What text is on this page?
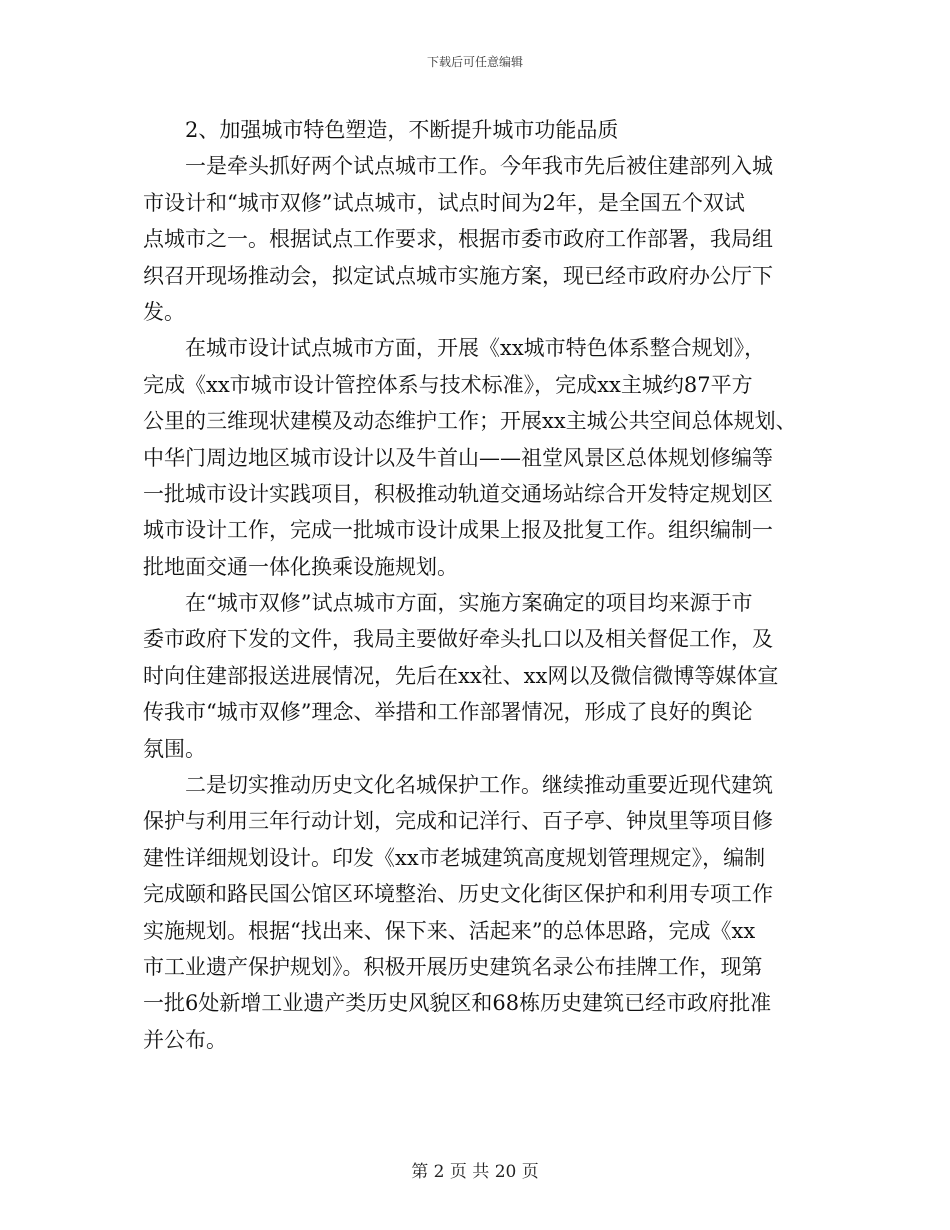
下载后可任意编辑
2、加强城市特色塑造，不断提升城市功能品质
一是牵头抓好两个试点城市工作。今年我市先后被住建部列入城
市设计和“城市双修”试点城市，试点时间为2年，是全国五个双试
点城市之一。根据试点工作要求，根据市委市政府工作部署，我局组
织召开现场推动会，拟定试点城市实施方案，现已经市政府办公厅下
发。
在城市设计试点城市方面，开展《xx城市特色体系整合规划》，
完成《xx市城市设计管控体系与技术标准》，完成xx主城约87平方
公里的三维现状建模及动态维护工作；开展xx主城公共空间总体规划、
中华门周边地区城市设计以及牛首山——祖堂风景区总体规划修编等
一批城市设计实践项目，积极推动轨道交通场站综合开发特定规划区
城市设计工作，完成一批城市设计成果上报及批复工作。组织编制一
批地面交通一体化换乘设施规划。
在“城市双修”试点城市方面，实施方案确定的项目均来源于市
委市政府下发的文件，我局主要做好牵头扎口以及相关督促工作，及
时向住建部报送进展情况，先后在xx社、xx网以及微信微博等媒体宣
传我市“城市双修”理念、举措和工作部署情况，形成了良好的舆论
氛围。
二是切实推动历史文化名城保护工作。继续推动重要近现代建筑
保护与利用三年行动计划，完成和记洋行、百子亭、钟岚里等项目修
建性详细规划设计。印发《xx市老城建筑高度规划管理规定》，编制
完成颐和路民国公馆区环境整治、历史文化街区保护和利用专项工作
实施规划。根据“找出来、保下来、活起来”的总体思路，完成《xx
市工业遗产保护规划》。积极开展历史建筑名录公布挂牌工作，现第
一批6处新增工业遗产类历史风貌区和68栋历史建筑已经市政府批准
并公布。
第 2 页 共 20 页
